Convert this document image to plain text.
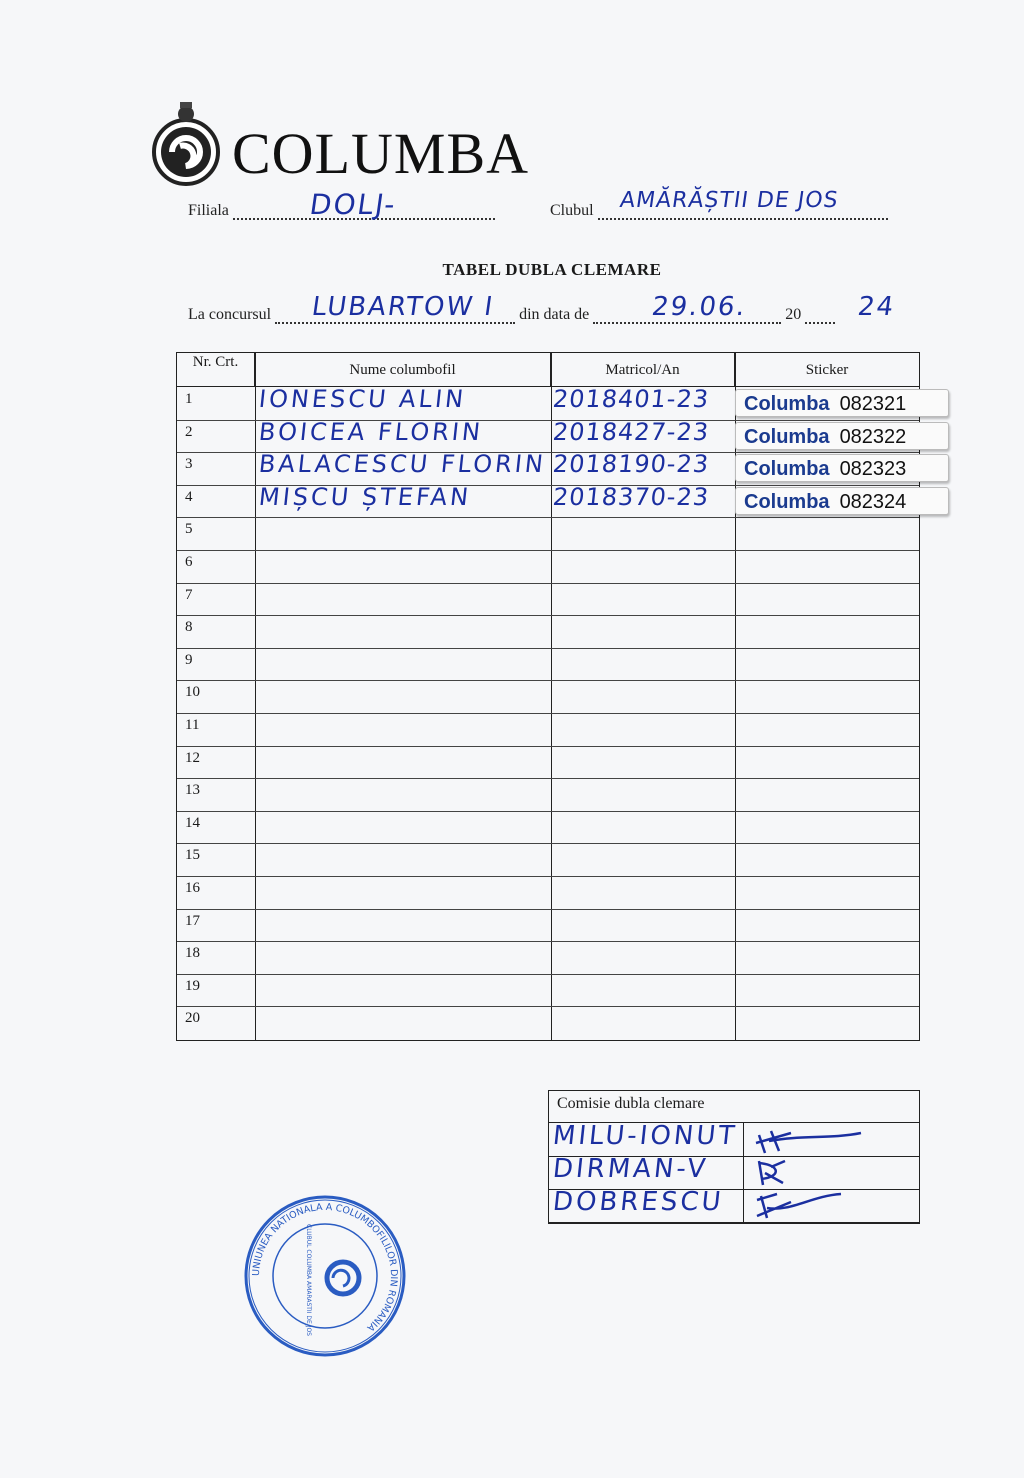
COLUMBA
Filiala	DOLJ-	Clubul	AMĂRĂȘTII DE JOS
TABEL DUBLA CLEMARE
La concursul	din data de	20
LUBARTOW I	29.06.	24
Nr. Crt.	Nume columbofil	Matricol/An	Sticker
1	IONESCU ALIN	2018401-23	Columba 082321
2	BOICEA FLORIN	2018427-23	Columba 082322
3	BALACESCU FLORIN 2018190-23	Columba 082323
4	MIȘCU ȘTEFAN	2018370-23	Columba 082324
5
6
7
8
9
10
11
12
13
14
15
16
17
18
19
20
Comisie dubla clemare
MILU-IONUT
DIRMAN-V
DOBRESCU
UNIUNEA NATIONALA A COLUMBOFILILOR DIN ROMANIA
CLUBUL COLUMBA AMARASTII DE JOS
